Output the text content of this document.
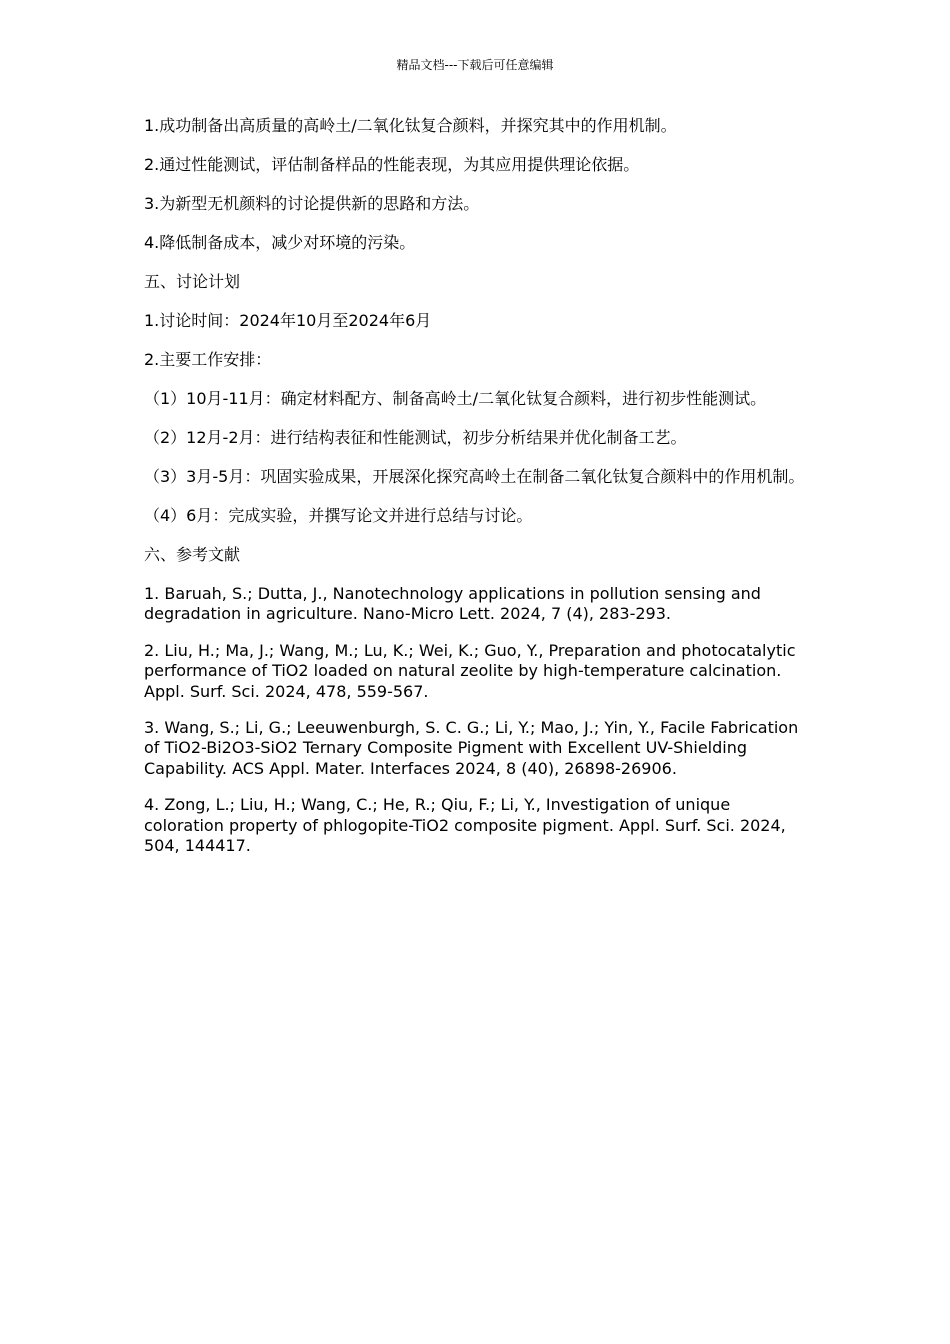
精品文档---下载后可任意编辑

1.成功制备出高质量的高岭土/二氧化钛复合颜料，并探究其中的作用机制。

2.通过性能测试，评估制备样品的性能表现，为其应用提供理论依据。

3.为新型无机颜料的讨论提供新的思路和方法。

4.降低制备成本，减少对环境的污染。

五、讨论计划

1.讨论时间：2024年10月至2024年6月

2.主要工作安排：

（1）10月-11月：确定材料配方、制备高岭土/二氧化钛复合颜料，进行初步性能测试。

（2）12月-2月：进行结构表征和性能测试，初步分析结果并优化制备工艺。

（3）3月-5月：巩固实验成果，开展深化探究高岭土在制备二氧化钛复合颜料中的作用机制。

（4）6月：完成实验，并撰写论文并进行总结与讨论。

六、参考文献

1. Baruah, S.; Dutta, J., Nanotechnology applications in pollution sensing and degradation in agriculture. Nano-Micro Lett. 2024, 7 (4), 283-293.

2. Liu, H.; Ma, J.; Wang, M.; Lu, K.; Wei, K.; Guo, Y., Preparation and photocatalytic performance of TiO2 loaded on natural zeolite by high-temperature calcination. Appl. Surf. Sci. 2024, 478, 559-567.

3. Wang, S.; Li, G.; Leeuwenburgh, S. C. G.; Li, Y.; Mao, J.; Yin, Y., Facile Fabrication of TiO2-Bi2O3-SiO2 Ternary Composite Pigment with Excellent UV-Shielding Capability. ACS Appl. Mater. Interfaces 2024, 8 (40), 26898-26906.

4. Zong, L.; Liu, H.; Wang, C.; He, R.; Qiu, F.; Li, Y., Investigation of unique coloration property of phlogopite-TiO2 composite pigment. Appl. Surf. Sci. 2024, 504, 144417.
